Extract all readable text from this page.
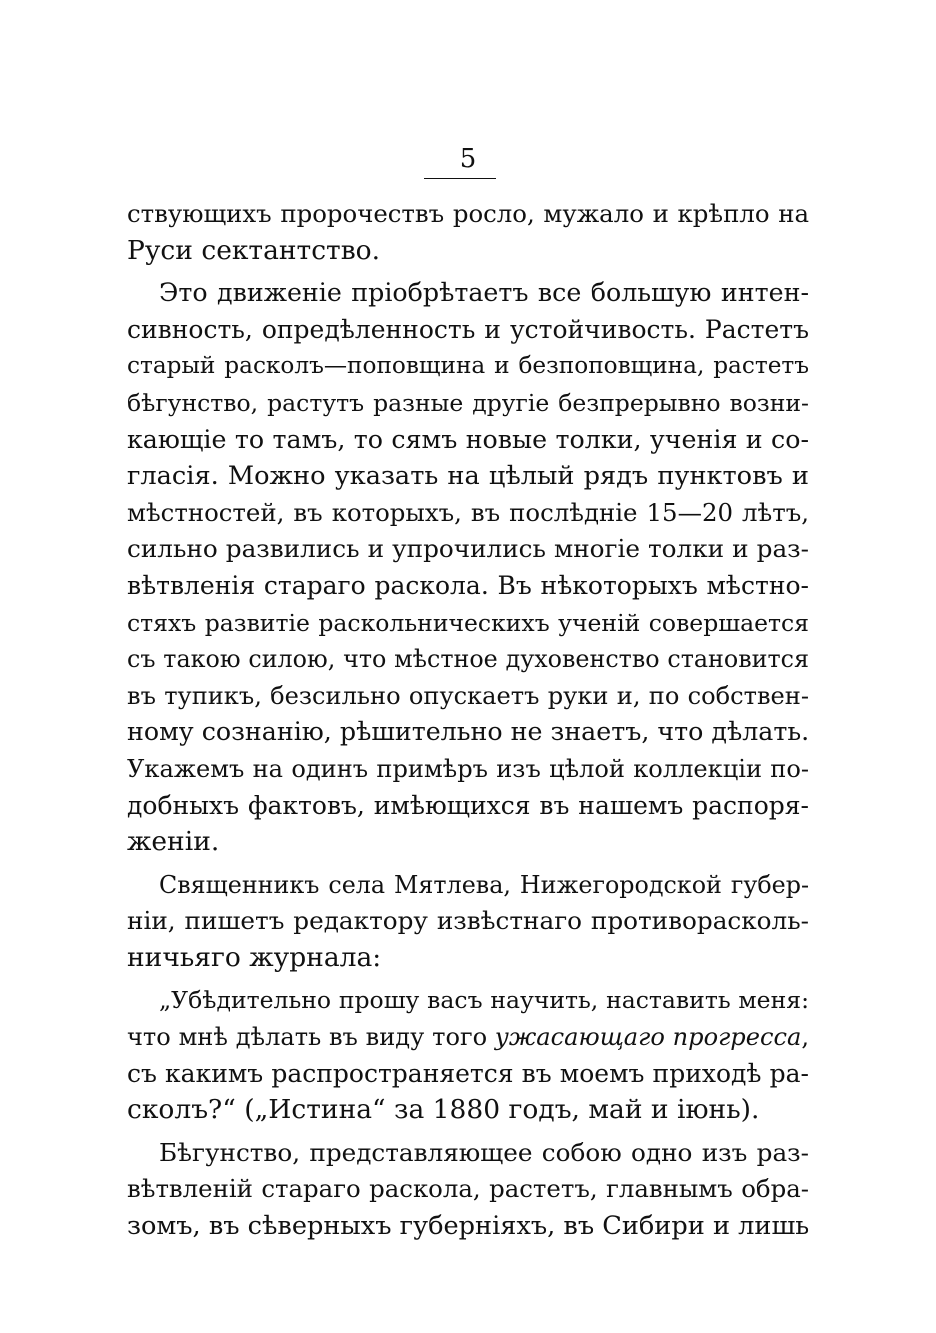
5
ствующихъ пророчествъ росло, мужало и крѣпло на
Руси сектантство.
Это движенiе прiобрѣтаетъ все большую интен-
сивность, опредѣленность и устойчивость. Растетъ
старый расколъ—поповщина и безпоповщина, растетъ
бѣгунство, растутъ разные другiе безпрерывно возни-
кающiе то тамъ, то сямъ новые толки, ученiя и со-
гласiя. Можно указать на цѣлый рядъ пунктовъ и
мѣстностей, въ которыхъ, въ послѣднiе 15—20 лѣтъ,
сильно развились и упрочились многiе толки и раз-
вѣтвленiя стараго раскола. Въ нѣкоторыхъ мѣстно-
стяхъ развитiе раскольническихъ ученiй совершается
съ такою силою, что мѣстное духовенство становится
въ тупикъ, безсильно опускаетъ руки и, по собствен-
ному сознанiю, рѣшительно не знаетъ, что дѣлать.
Укажемъ на одинъ примѣръ изъ цѣлой коллекцiи по-
добныхъ фактовъ, имѣющихся въ нашемъ распоря-
женiи.
Священникъ села Мятлева, Нижегородской губер-
нiи, пишетъ редактору извѣстнаго противорасколь-
ничьяго журнала:
„Убѣдительно прошу васъ научить, наставить меня:
что мнѣ дѣлать въ виду того ужасающаго прогресса,
съ какимъ распространяется въ моемъ приходѣ ра-
сколъ?“ („Истина“ за 1880 годъ, май и iюнь).
Бѣгунство, представляющее собою одно изъ раз-
вѣтвленiй стараго раскола, растетъ, главнымъ обра-
зомъ, въ сѣверныхъ губернiяхъ, въ Сибири и лишь
